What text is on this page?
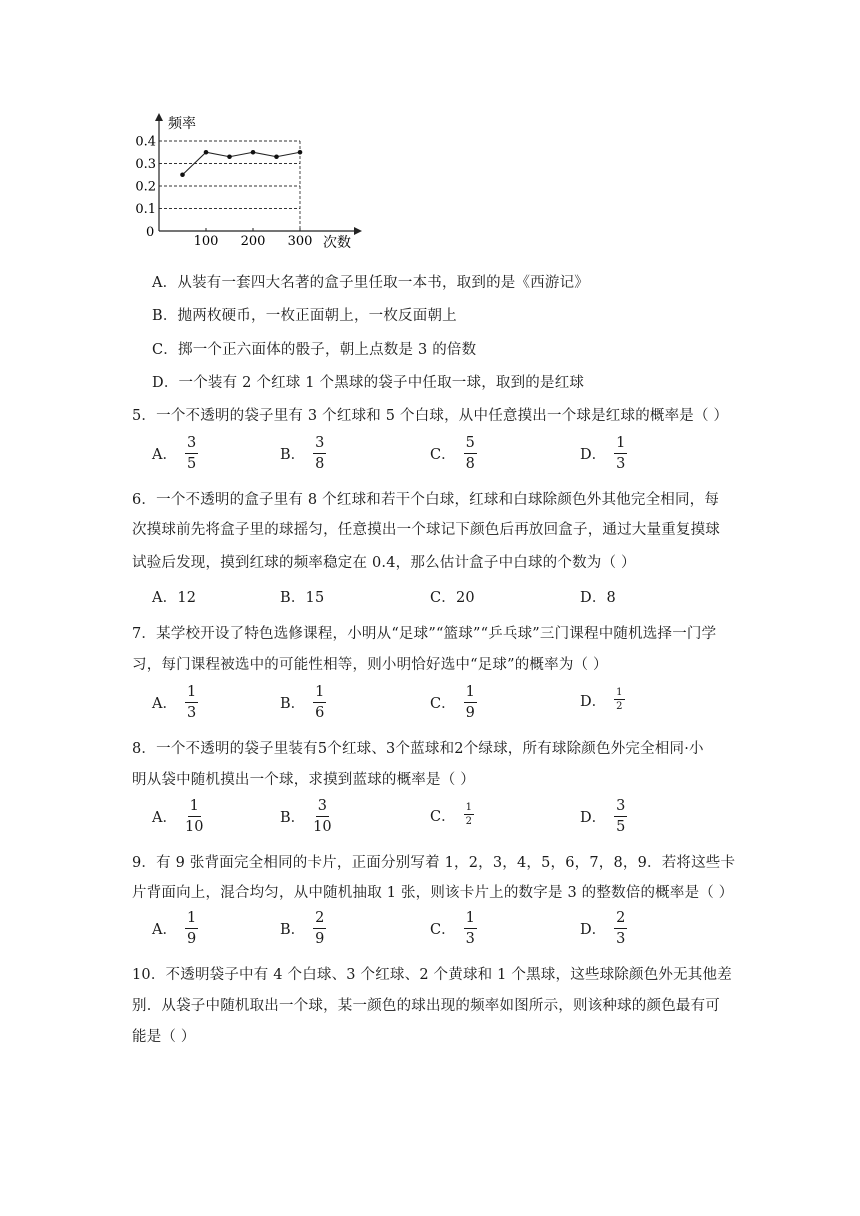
频率
次数
0
0.4
0.3
0.2
0.1
100 200 300
A．从装有一套四大名著的盒子里任取一本书，取到的是《西游记》
B．抛两枚硬币，一枚正面朝上，一枚反面朝上
C．掷一个正六面体的骰子，朝上点数是 3 的倍数
D．一个装有 2 个红球 1 个黑球的袋子中任取一球，取到的是红球
5．一个不透明的袋子里有 3 个红球和 5 个白球，从中任意摸出一个球是红球的概率是（ ）
A． $\frac{3}{5}$	B． $\frac{3}{8}$	C． $\frac{5}{8}$	D． $\frac{1}{3}$
6．一个不透明的盒子里有 8 个红球和若干个白球，红球和白球除颜色外其他完全相同，每
次摸球前先将盒子里的球摇匀，任意摸出一个球记下颜色后再放回盒子，通过大量重复摸球
试验后发现，摸到红球的频率稳定在 0.4，那么估计盒子中白球的个数为（ ）
A．12	B．15	C．20	D．8
7．某学校开设了特色选修课程，小明从“足球”“篮球”“乒乓球”三门课程中随机选择一门学
习，每门课程被选中的可能性相等，则小明恰好选中“足球”的概率为（ ）
A． $\frac{1}{3}$	B． $\frac{1}{6}$	C． $\frac{1}{9}$	D． $\frac{1}{2}$
8．一个不透明的袋子里装有5个红球、3个蓝球和2个绿球，所有球除颜色外完全相同·小
明从袋中随机摸出一个球，求摸到蓝球的概率是（ ）
A． $\frac{1}{10}$	B． $\frac{3}{10}$	C． $\frac{1}{2}$	D． $\frac{3}{5}$
9．有 9 张背面完全相同的卡片，正面分别写着 1，2，3，4，5，6，7，8，9．若将这些卡
片背面向上，混合均匀，从中随机抽取 1 张，则该卡片上的数字是 3 的整数倍的概率是（ ）
A． $\frac{1}{9}$	B． $\frac{2}{9}$	C． $\frac{1}{3}$	D． $\frac{2}{3}$
10．不透明袋子中有 4 个白球、3 个红球、2 个黄球和 1 个黑球，这些球除颜色外无其他差
别．从袋子中随机取出一个球，某一颜色的球出现的频率如图所示，则该种球的颜色最有可
能是（ ）
